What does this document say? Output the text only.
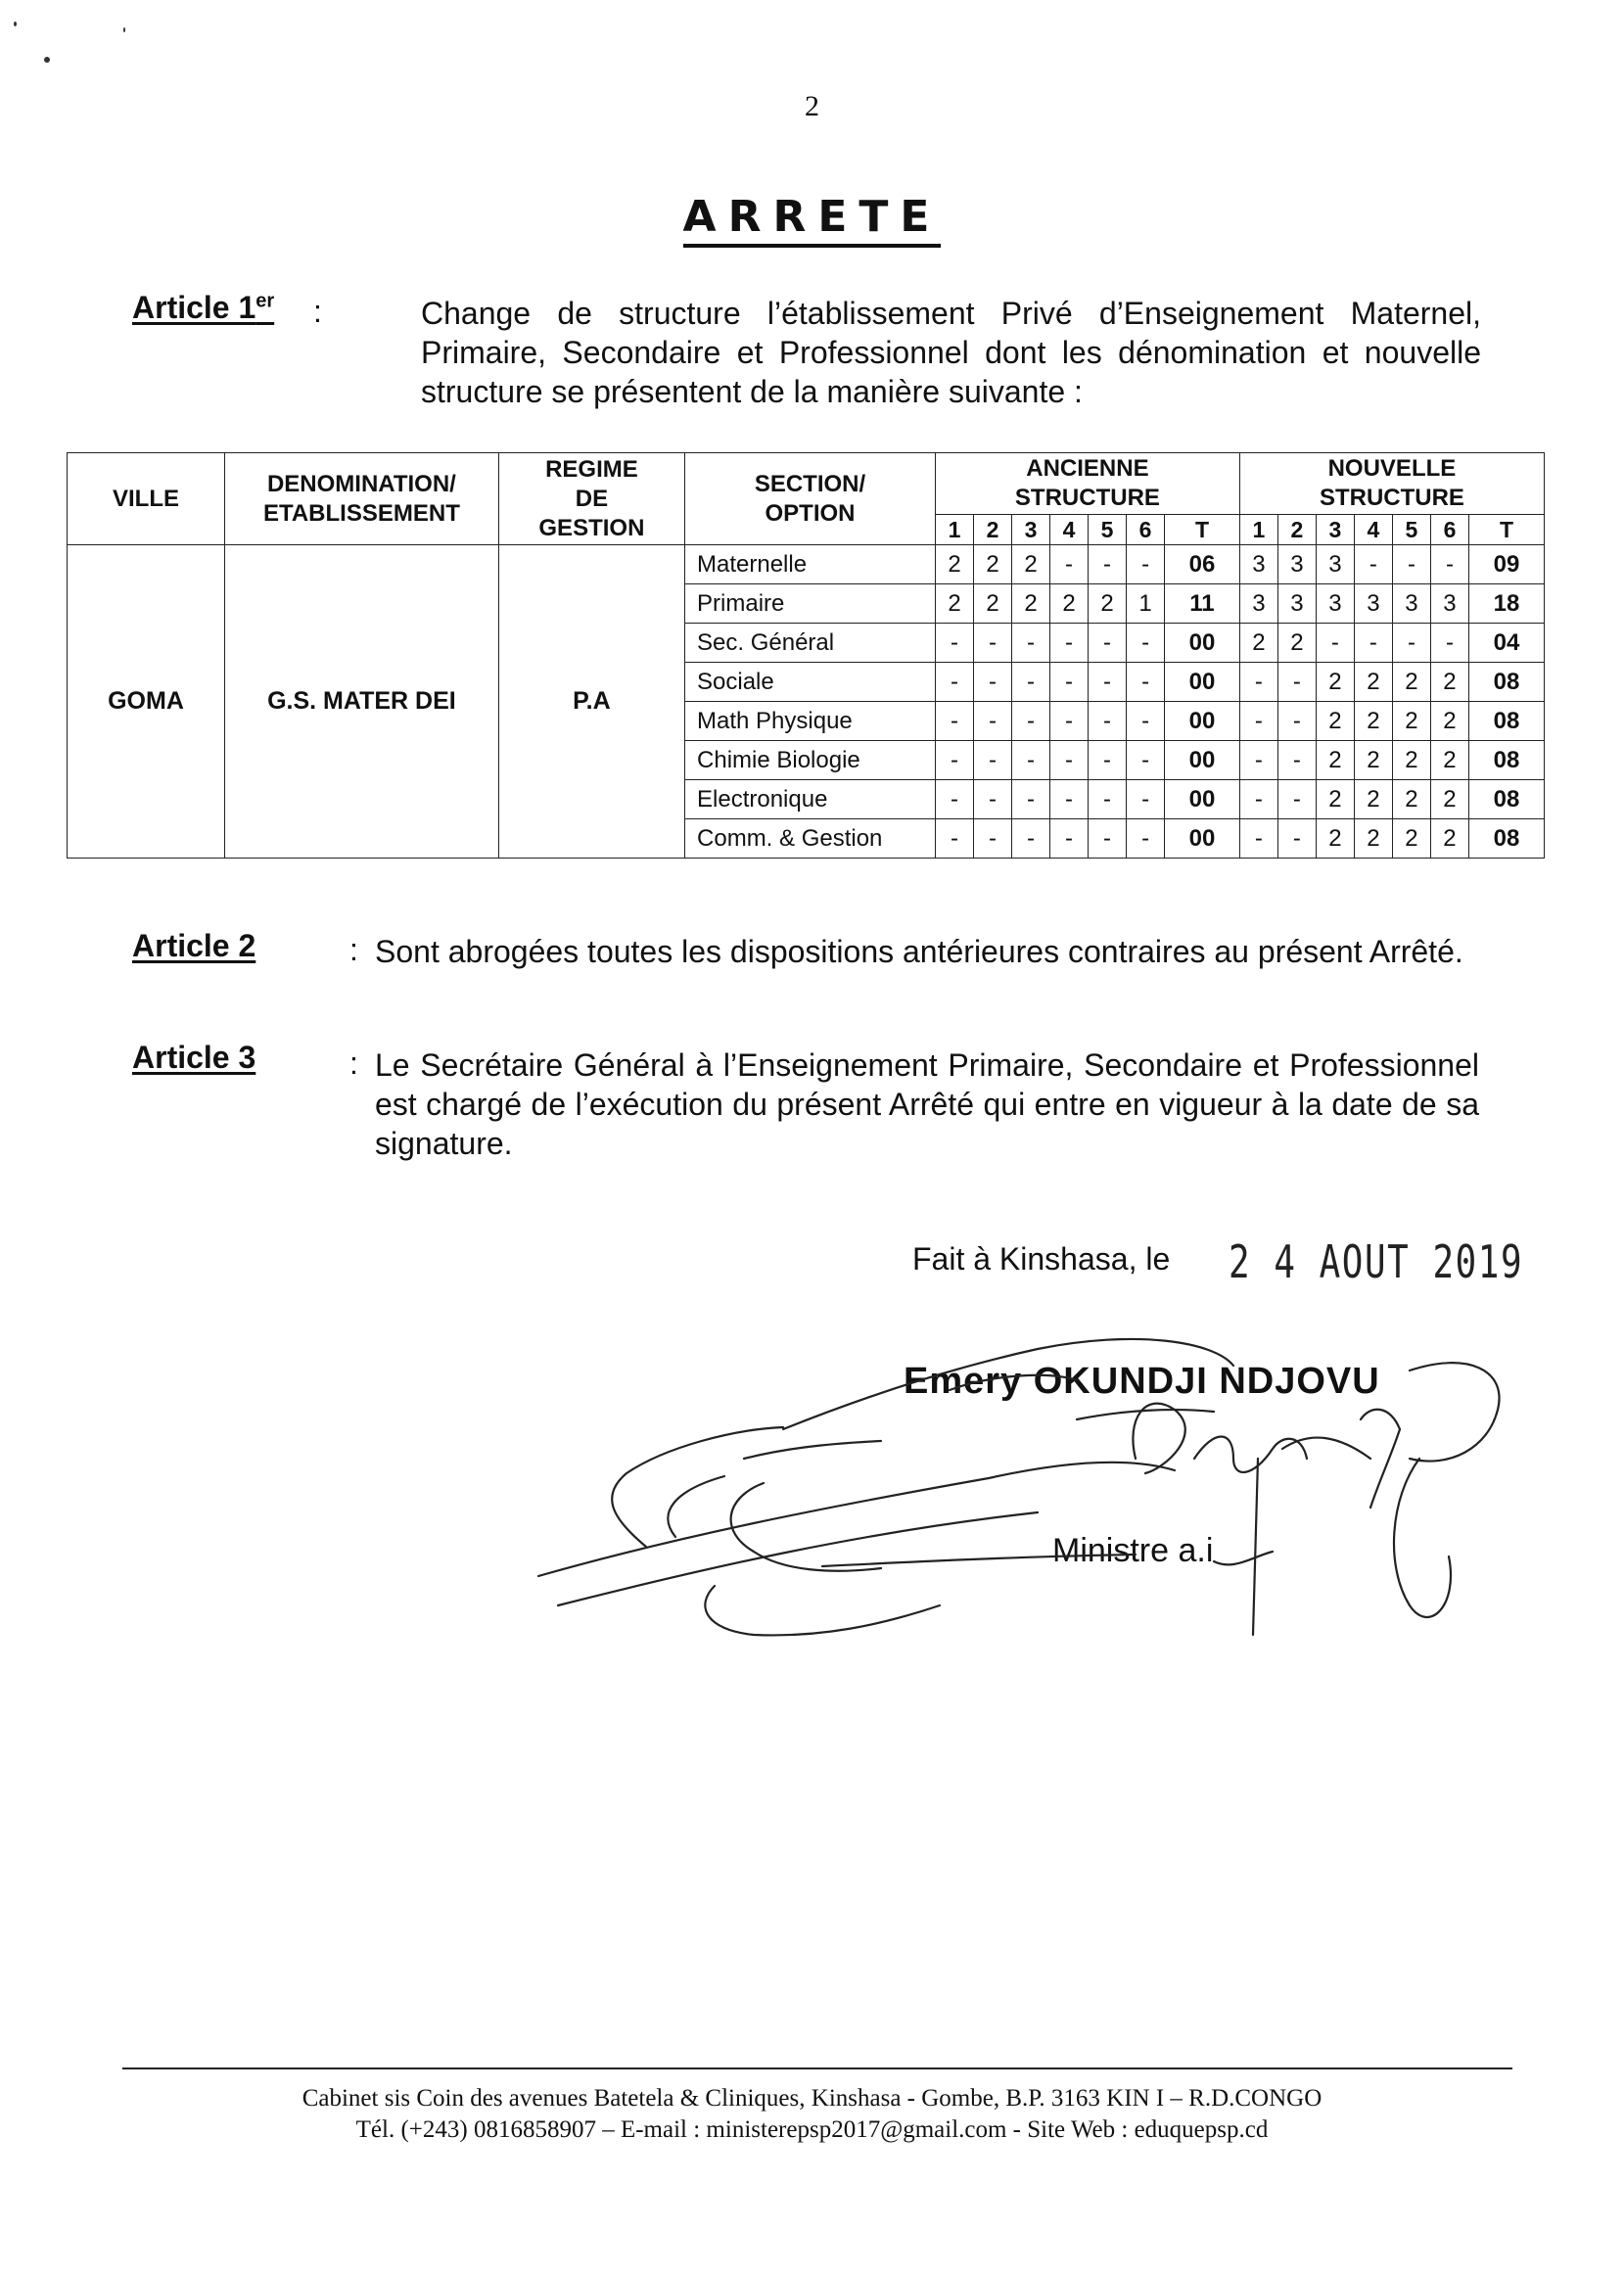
2
ARRETE
Article 1er :	Change de structure l’établissement Privé d’Enseignement Maternel, Primaire, Secondaire et Professionnel dont les dénomination et nouvelle structure se présentent de la manière suivante :
VILLE	DENOMINATION/ ETABLISSEMENT	REGIME DE GESTION	SECTION/ OPTION	ANCIENNE STRUCTURE							NOUVELLE STRUCTURE						
				1	2	3	4	5	6	T	1	2	3	4	5	6	T
GOMA	G.S. MATER DEI	P.A	Maternelle	2	2	2	-	-	-	06	3	3	3	-	-	-	09
			Primaire	2	2	2	2	2	1	11	3	3	3	3	3	3	18
			Sec. Général	-	-	-	-	-	-	00	2	2	-	-	-	-	04
			Sociale	-	-	-	-	-	-	00	-	-	2	2	2	2	08
			Math Physique	-	-	-	-	-	-	00	-	-	2	2	2	2	08
			Chimie Biologie	-	-	-	-	-	-	00	-	-	2	2	2	2	08
			Electronique	-	-	-	-	-	-	00	-	-	2	2	2	2	08
			Comm. & Gestion	-	-	-	-	-	-	00	-	-	2	2	2	2	08
Article 2	: Sont abrogées toutes les dispositions antérieures contraires au présent Arrêté.
Article 3	: Le Secrétaire Général à l’Enseignement Primaire, Secondaire et Professionnel est chargé de l’exécution du présent Arrêté qui entre en vigueur à la date de sa signature.
Fait à Kinshasa, le 2 4 AOUT 2019
Emery OKUNDJI NDJOVU
Ministre a.i
Cabinet sis Coin des avenues Batetela & Cliniques, Kinshasa - Gombe, B.P. 3163 KIN I – R.D.CONGO
Tél. (+243) 0816858907 – E-mail : ministerepsp2017@gmail.com - Site Web : eduquepsp.cd
